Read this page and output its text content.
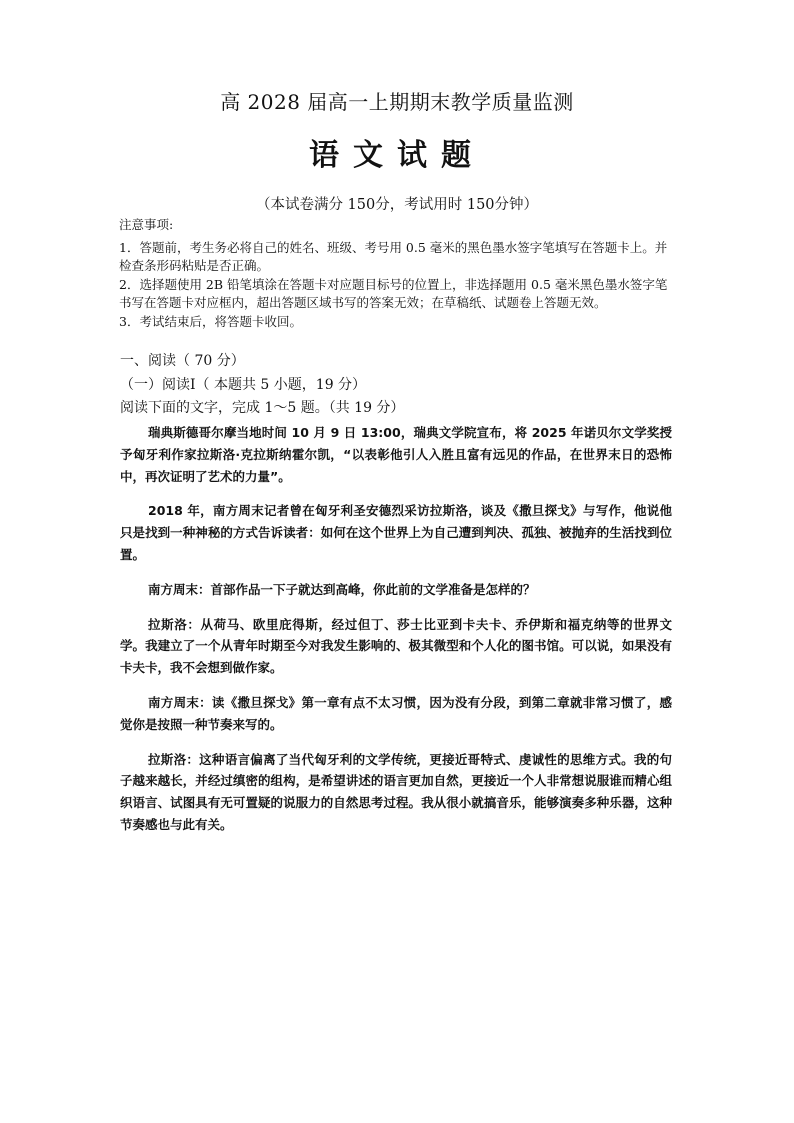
高 2028 届高一上期期末教学质量监测
语文试题
（本试卷满分 150分，考试用时 150分钟）
注意事项:
1．答题前，考生务必将自己的姓名、班级、考号用 0.5 毫米的黑色墨水签字笔填写在答题卡上。并检查条形码粘贴是否正确。
2．选择题使用 2B 铅笔填涂在答题卡对应题目标号的位置上，非选择题用 0.5 毫米黑色墨水签字笔书写在答题卡对应框内，超出答题区域书写的答案无效；在草稿纸、试题卷上答题无效。
3．考试结束后，将答题卡收回。
一、阅读（ 70 分）
（一）阅读Ⅰ（ 本题共 5 小题，19 分）
阅读下面的文字，完成 1～5 题。（共 19 分）

瑞典斯德哥尔摩当地时间 10 月 9 日 13:00，瑞典文学院宣布，将 2025 年诺贝尔文学奖授予匈牙利作家拉斯洛·克拉斯纳霍尔凯，“以表彰他引人入胜且富有远见的作品，在世界末日的恐怖中，再次证明了艺术的力量”。

2018 年，南方周末记者曾在匈牙利圣安德烈采访拉斯洛，谈及《撒旦探戈》与写作，他说他只是找到一种神秘的方式告诉读者：如何在这个世界上为自己遭到判决、孤独、被抛弃的生活找到位置。

南方周末：首部作品一下子就达到高峰，你此前的文学准备是怎样的？

拉斯洛：从荷马、欧里庇得斯，经过但丁、莎士比亚到卡夫卡、乔伊斯和福克纳等的世界文学。我建立了一个从青年时期至今对我发生影响的、极其微型和个人化的图书馆。可以说，如果没有卡夫卡，我不会想到做作家。

南方周末：读《撒旦探戈》第一章有点不太习惯，因为没有分段，到第二章就非常习惯了，感觉你是按照一种节奏来写的。

拉斯洛：这种语言偏离了当代匈牙利的文学传统，更接近哥特式、虔诚性的思维方式。我的句子越来越长，并经过缜密的组构，是希望讲述的语言更加自然，更接近一个人非常想说服谁而精心组织语言、试图具有无可置疑的说服力的自然思考过程。我从很小就搞音乐，能够演奏多种乐器，这种节奏感也与此有关。
